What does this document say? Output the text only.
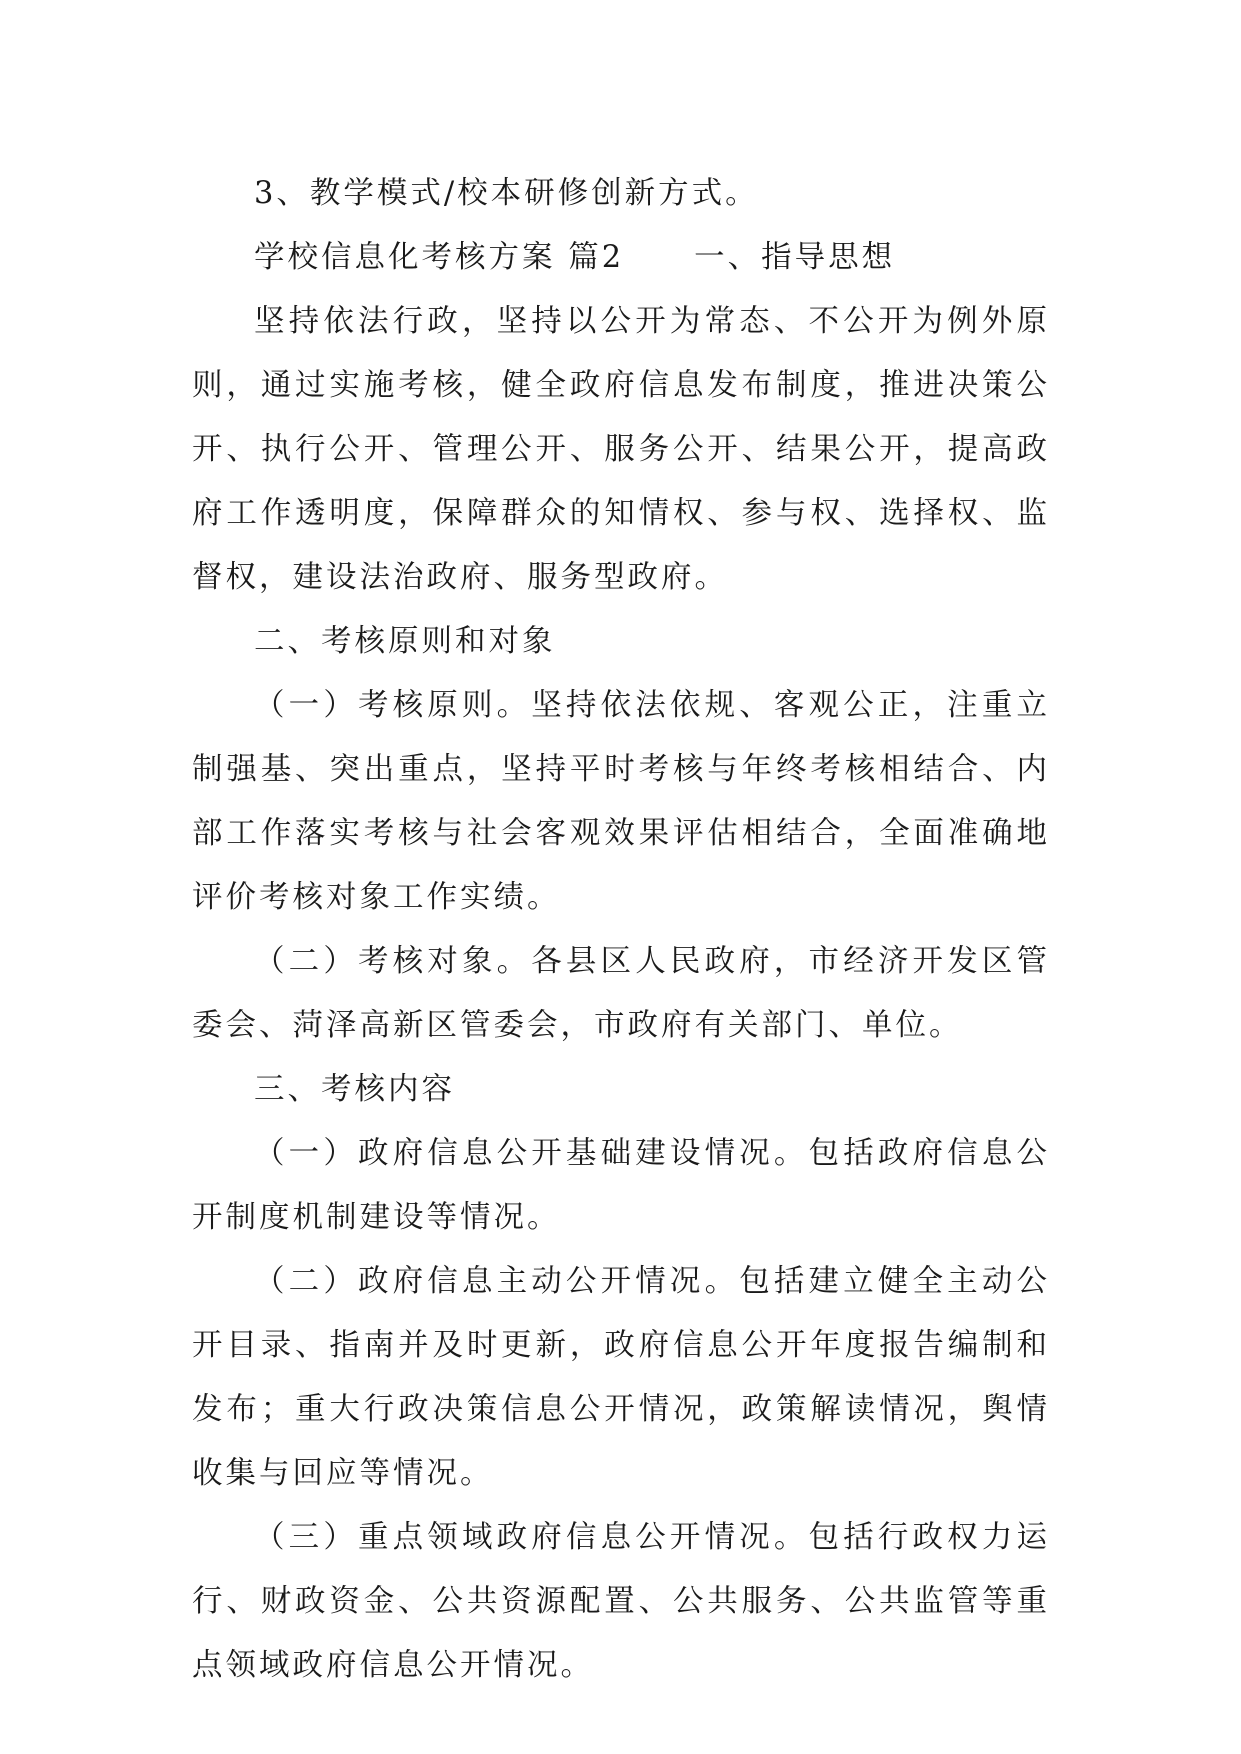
3、教学模式/校本研修创新方式。

学校信息化考核方案 篇2 一、指导思想

坚持依法行政，坚持以公开为常态、不公开为例外原则，通过实施考核，健全政府信息发布制度，推进决策公开、执行公开、管理公开、服务公开、结果公开，提高政府工作透明度，保障群众的知情权、参与权、选择权、监督权，建设法治政府、服务型政府。

二、考核原则和对象

（一）考核原则。坚持依法依规、客观公正，注重立制强基、突出重点，坚持平时考核与年终考核相结合、内部工作落实考核与社会客观效果评估相结合，全面准确地评价考核对象工作实绩。

（二）考核对象。各县区人民政府，市经济开发区管委会、菏泽高新区管委会，市政府有关部门、单位。

三、考核内容

（一）政府信息公开基础建设情况。包括政府信息公开制度机制建设等情况。

（二）政府信息主动公开情况。包括建立健全主动公开目录、指南并及时更新，政府信息公开年度报告编制和发布；重大行政决策信息公开情况，政策解读情况，舆情收集与回应等情况。

（三）重点领域政府信息公开情况。包括行政权力运行、财政资金、公共资源配置、公共服务、公共监管等重点领域政府信息公开情况。
